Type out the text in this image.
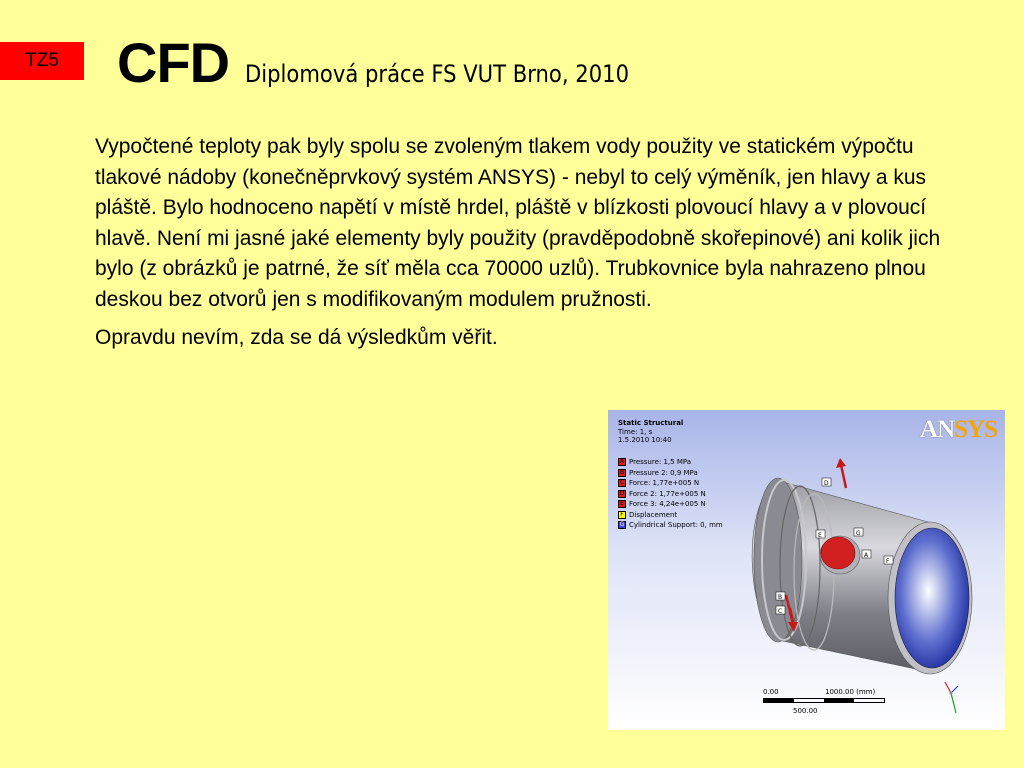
TZ5	CFD Diplomová práce FS VUT Brno, 2010

Vypočtené teploty pak byly spolu se zvoleným tlakem vody použity ve statickém výpočtu tlakové nádoby (konečněprvkový systém ANSYS) - nebyl to celý výměník, jen hlavy a kus pláště. Bylo hodnoceno napětí v místě hrdel, pláště v blízkosti plovoucí hlavy a v plovoucí hlavě. Není mi jasné jaké elementy byly použity (pravděpodobně skořepinové) ani kolik jich bylo (z obrázků je patrné, že síť měla cca 70000 uzlů). Trubkovnice byla nahrazeno plnou deskou bez otvorů jen s modifikovaným modulem pružnosti.

Opravdu nevím, zda se dá výsledkům věřit.

Static Structural
Time: 1, s
1.5.2010 10:40	ANSYS
A Pressure: 1,5 MPa
B Pressure 2: 0,9 MPa
C Force: 1,77e+005 N
D Force 2: 1,77e+005 N
E Force 3: 4,24e+005 N
F Displacement
G Cylindrical Support: 0, mm
D
E	G
A
F
B
C
0.00	1000.00 (mm)
500.00
